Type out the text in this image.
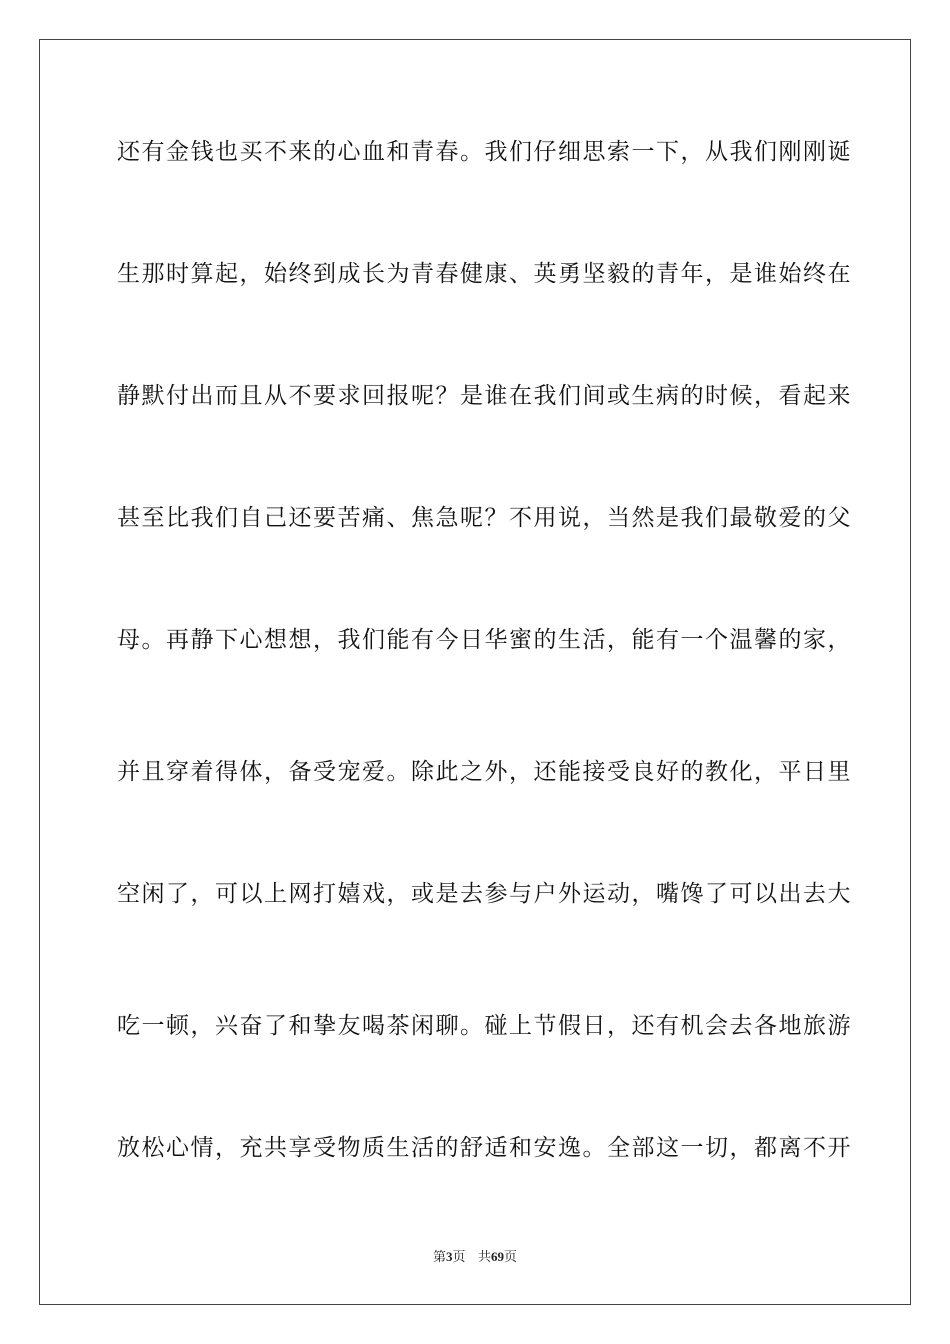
还有金钱也买不来的心血和青春。我们仔细思索一下，从我们刚刚诞
生那时算起，始终到成长为青春健康、英勇坚毅的青年，是谁始终在
静默付出而且从不要求回报呢？是谁在我们间或生病的时候，看起来
甚至比我们自己还要苦痛、焦急呢？不用说，当然是我们最敬爱的父
母。再静下心想想，我们能有今日华蜜的生活，能有一个温馨的家，
并且穿着得体，备受宠爱。除此之外，还能接受良好的教化，平日里
空闲了，可以上网打嬉戏，或是去参与户外运动，嘴馋了可以出去大
吃一顿，兴奋了和挚友喝茶闲聊。碰上节假日，还有机会去各地旅游
放松心情，充共享受物质生活的舒适和安逸。全部这一切，都离不开
第3页 共69页
